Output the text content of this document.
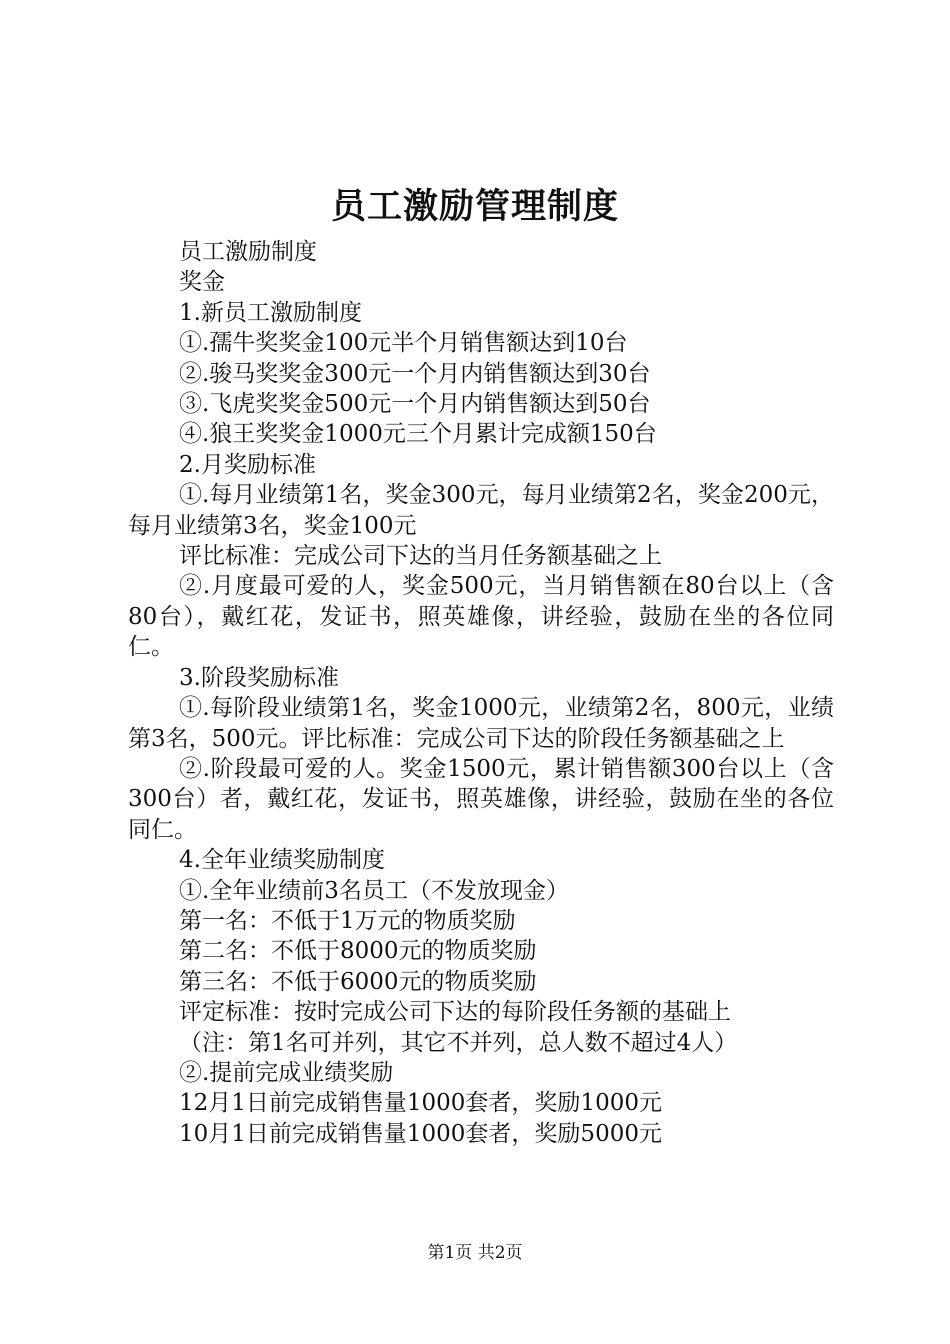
员工激励管理制度

员工激励制度

奖金

1.新员工激励制度

①.孺牛奖奖金100元半个月销售额达到10台

②.骏马奖奖金300元一个月内销售额达到30台

③.飞虎奖奖金500元一个月内销售额达到50台

④.狼王奖奖金1000元三个月累计完成额150台

2.月奖励标准

①.每月业绩第1名，奖金300元，每月业绩第2名，奖金200元，每月业绩第3名，奖金100元

评比标准：完成公司下达的当月任务额基础之上

②.月度最可爱的人，奖金500元，当月销售额在80台以上（含80台），戴红花，发证书，照英雄像，讲经验，鼓励在坐的各位同仁。

3.阶段奖励标准

①.每阶段业绩第1名，奖金1000元，业绩第2名，800元，业绩第3名，500元。评比标准：完成公司下达的阶段任务额基础之上

②.阶段最可爱的人。奖金1500元，累计销售额300台以上（含300台）者，戴红花，发证书，照英雄像，讲经验，鼓励在坐的各位同仁。

4.全年业绩奖励制度

①.全年业绩前3名员工（不发放现金）

第一名：不低于1万元的物质奖励

第二名：不低于8000元的物质奖励

第三名：不低于6000元的物质奖励

评定标准：按时完成公司下达的每阶段任务额的基础上

（注：第1名可并列，其它不并列，总人数不超过4人）

②.提前完成业绩奖励

12月1日前完成销售量1000套者，奖励1000元

10月1日前完成销售量1000套者，奖励5000元

第1页 共2页
